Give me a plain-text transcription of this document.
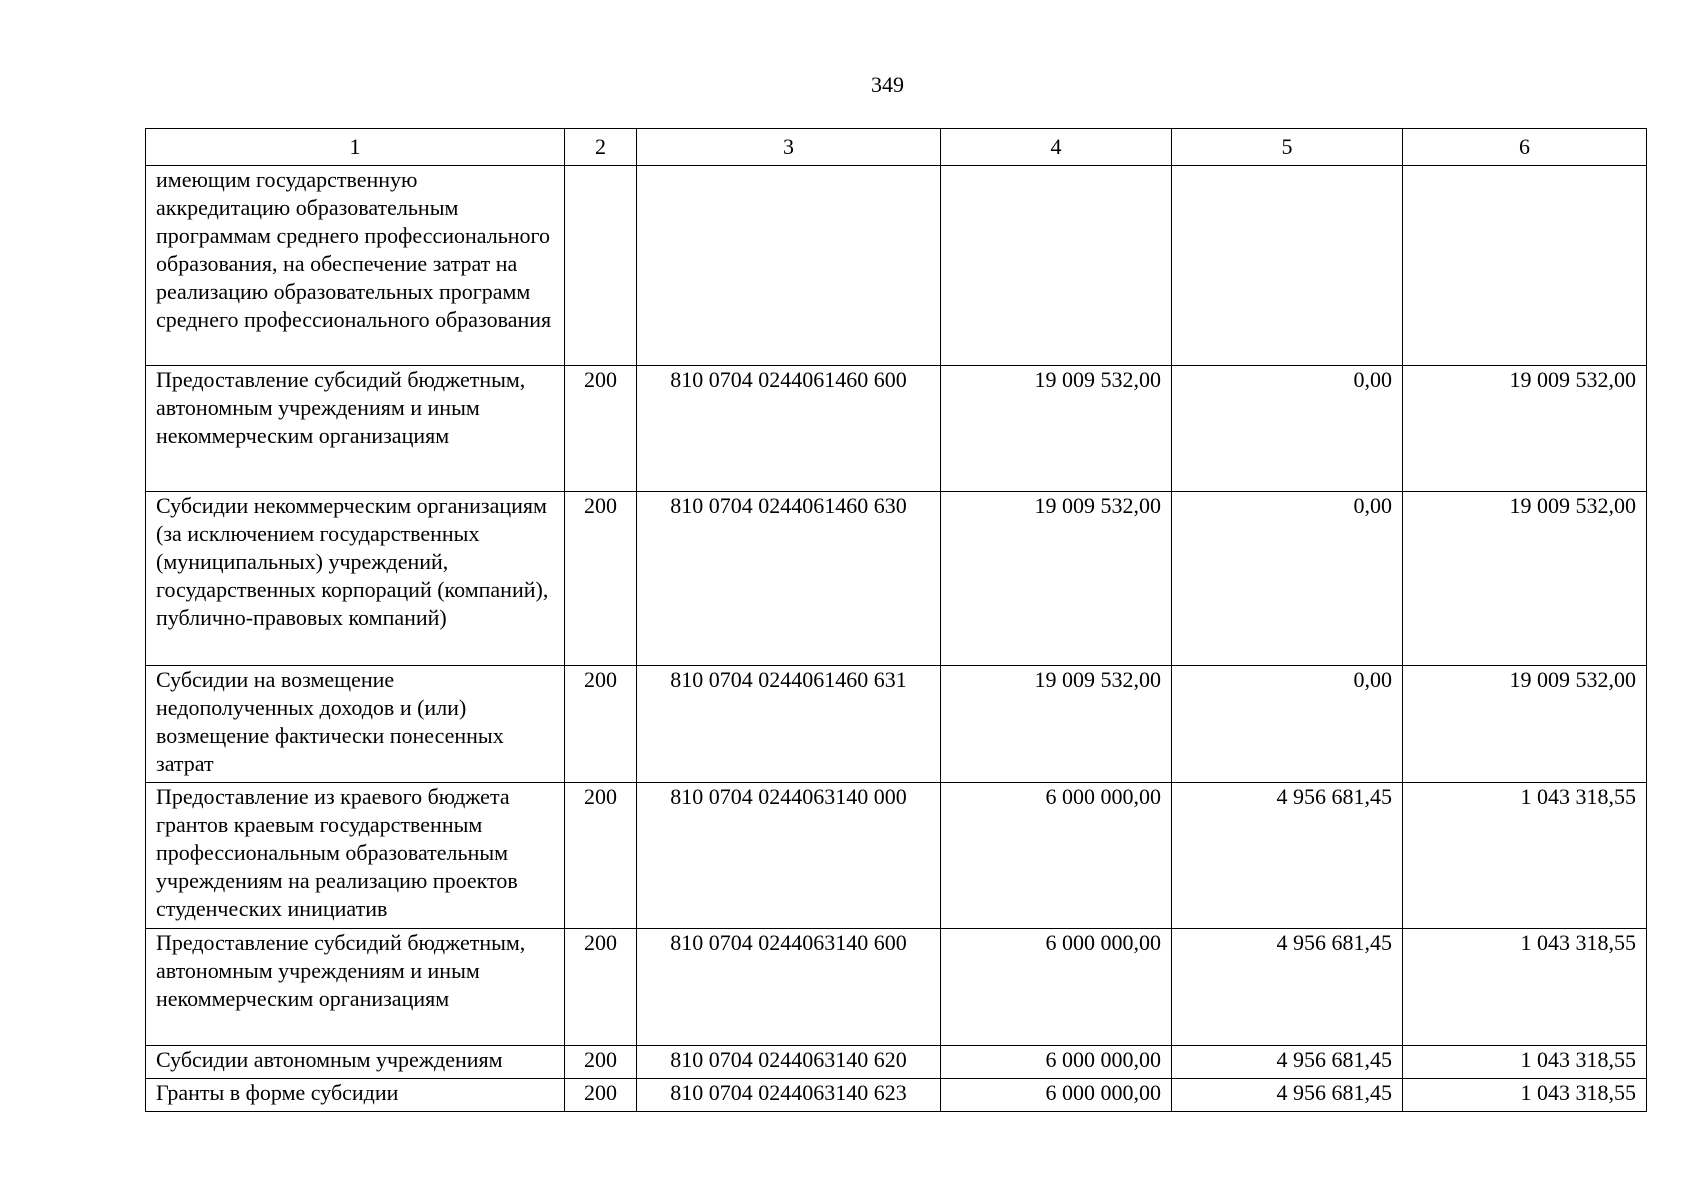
349
1	2	3	4	5	6
имеющим государственную аккредитацию образовательным программам среднего профессионального образования, на обеспечение затрат на реализацию образовательных программ среднего профессионального образования					
Предоставление субсидий бюджетным, автономным учреждениям и иным некоммерческим организациям	200	810 0704 0244061460 600	19 009 532,00	0,00	19 009 532,00
Субсидии некоммерческим организациям (за исключением государственных (муниципальных) учреждений, государственных корпораций (компаний), публично-правовых компаний)	200	810 0704 0244061460 630	19 009 532,00	0,00	19 009 532,00
Субсидии на возмещение недополученных доходов и (или) возмещение фактически понесенных затрат	200	810 0704 0244061460 631	19 009 532,00	0,00	19 009 532,00
Предоставление из краевого бюджета грантов краевым государственным профессиональным образовательным учреждениям на реализацию проектов студенческих инициатив	200	810 0704 0244063140 000	6 000 000,00	4 956 681,45	1 043 318,55
Предоставление субсидий бюджетным, автономным учреждениям и иным некоммерческим организациям	200	810 0704 0244063140 600	6 000 000,00	4 956 681,45	1 043 318,55
Субсидии автономным учреждениям	200	810 0704 0244063140 620	6 000 000,00	4 956 681,45	1 043 318,55
Гранты в форме субсидии	200	810 0704 0244063140 623	6 000 000,00	4 956 681,45	1 043 318,55
